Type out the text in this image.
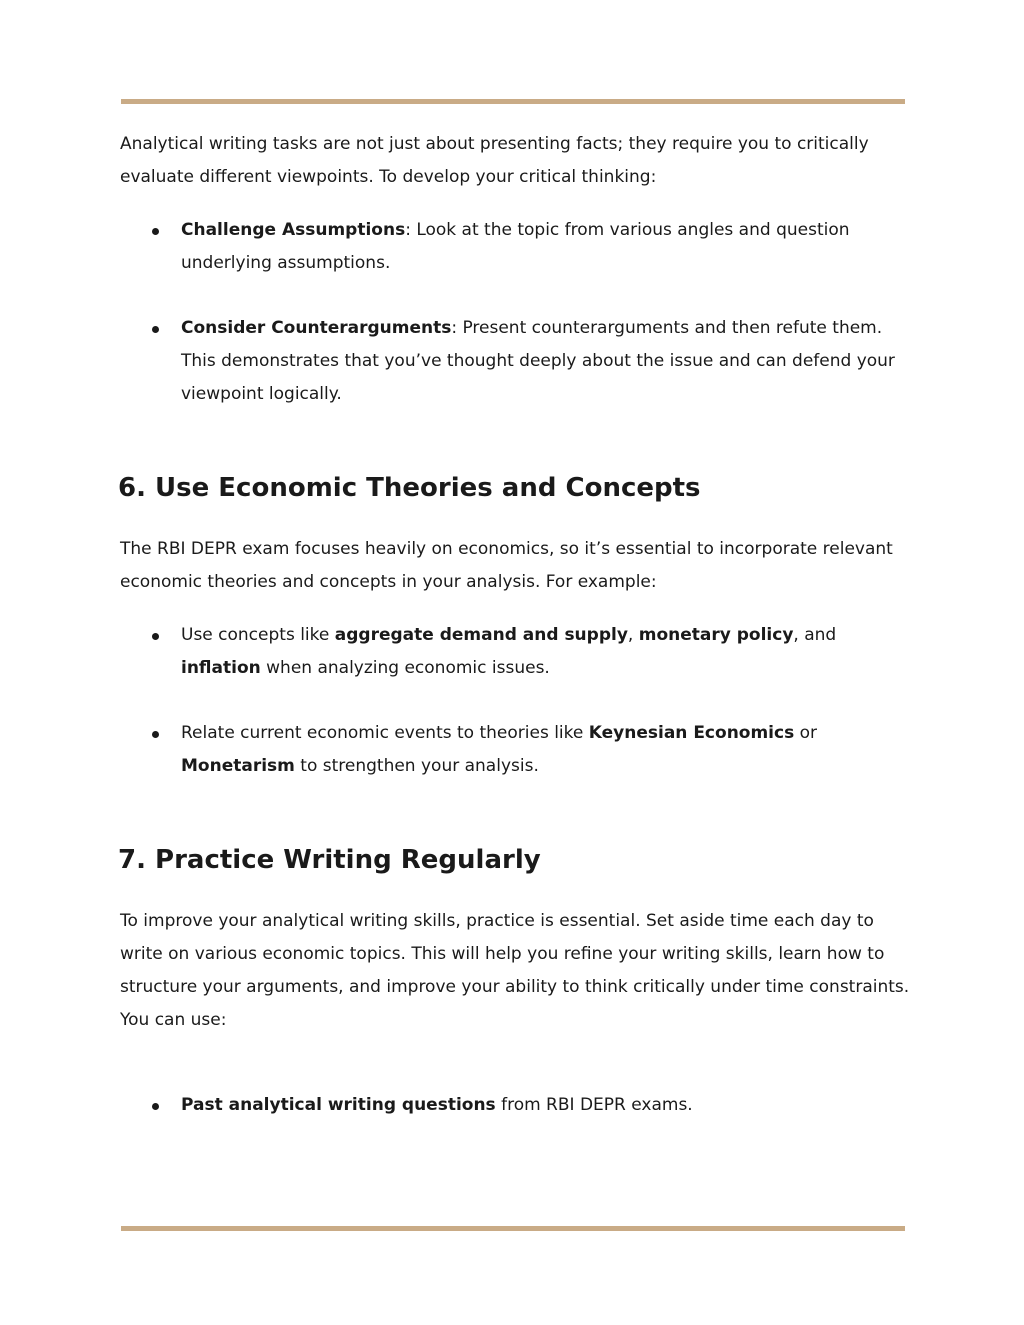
Analytical writing tasks are not just about presenting facts; they require you to critically evaluate different viewpoints. To develop your critical thinking:

Challenge Assumptions: Look at the topic from various angles and question underlying assumptions.
Consider Counterarguments: Present counterarguments and then refute them. This demonstrates that you’ve thought deeply about the issue and can defend your viewpoint logically.
6. Use Economic Theories and Concepts

The RBI DEPR exam focuses heavily on economics, so it’s essential to incorporate relevant economic theories and concepts in your analysis. For example:

Use concepts like aggregate demand and supply, monetary policy, and inflation when analyzing economic issues.
Relate current economic events to theories like Keynesian Economics or Monetarism to strengthen your analysis.
7. Practice Writing Regularly

To improve your analytical writing skills, practice is essential. Set aside time each day to write on various economic topics. This will help you refine your writing skills, learn how to structure your arguments, and improve your ability to think critically under time constraints. You can use:

Past analytical writing questions from RBI DEPR exams.
